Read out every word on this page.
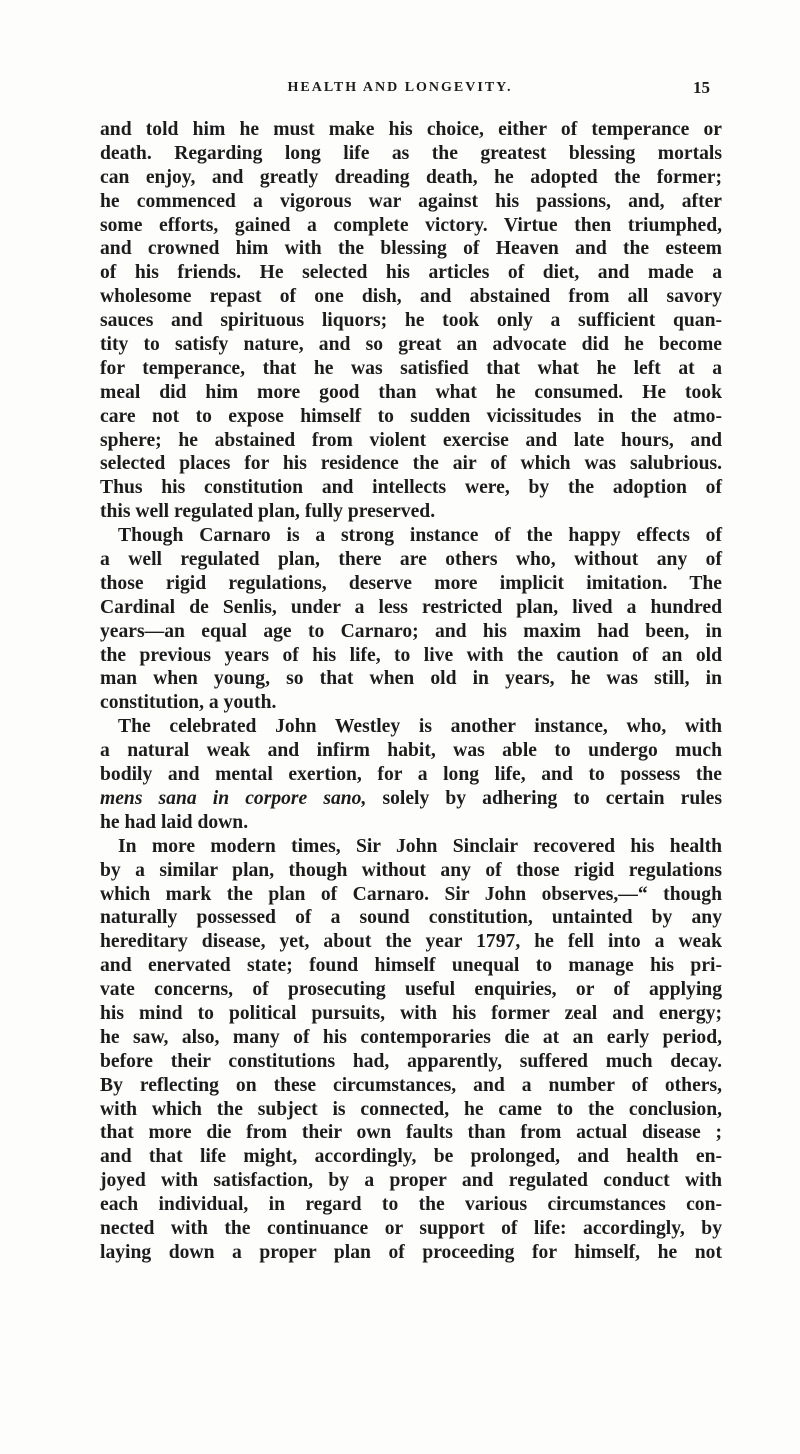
HEALTH AND LONGEVITY.	15
and told him he must make his choice, either of temperance or
death. Regarding long life as the greatest blessing mortals
can enjoy, and greatly dreading death, he adopted the former;
he commenced a vigorous war against his passions, and, after
some efforts, gained a complete victory. Virtue then triumphed,
and crowned him with the blessing of Heaven and the esteem
of his friends. He selected his articles of diet, and made a
wholesome repast of one dish, and abstained from all savory
sauces and spirituous liquors; he took only a sufficient quan-
tity to satisfy nature, and so great an advocate did he become
for temperance, that he was satisfied that what he left at a
meal did him more good than what he consumed. He took
care not to expose himself to sudden vicissitudes in the atmo-
sphere; he abstained from violent exercise and late hours, and
selected places for his residence the air of which was salubrious.
Thus his constitution and intellects were, by the adoption of
this well regulated plan, fully preserved.
Though Carnaro is a strong instance of the happy effects of
a well regulated plan, there are others who, without any of
those rigid regulations, deserve more implicit imitation. The
Cardinal de Senlis, under a less restricted plan, lived a hundred
years—an equal age to Carnaro; and his maxim had been, in
the previous years of his life, to live with the caution of an old
man when young, so that when old in years, he was still, in
constitution, a youth.
The celebrated John Westley is another instance, who, with
a natural weak and infirm habit, was able to undergo much
bodily and mental exertion, for a long life, and to possess the
mens sana in corpore sano, solely by adhering to certain rules
he had laid down.
In more modern times, Sir John Sinclair recovered his health
by a similar plan, though without any of those rigid regulations
which mark the plan of Carnaro. Sir John observes,—“ though
naturally possessed of a sound constitution, untainted by any
hereditary disease, yet, about the year 1797, he fell into a weak
and enervated state; found himself unequal to manage his pri-
vate concerns, of prosecuting useful enquiries, or of applying
his mind to political pursuits, with his former zeal and energy;
he saw, also, many of his contemporaries die at an early period,
before their constitutions had, apparently, suffered much decay.
By reflecting on these circumstances, and a number of others,
with which the subject is connected, he came to the conclusion,
that more die from their own faults than from actual disease ;
and that life might, accordingly, be prolonged, and health en-
joyed with satisfaction, by a proper and regulated conduct with
each individual, in regard to the various circumstances con-
nected with the continuance or support of life: accordingly, by
laying down a proper plan of proceeding for himself, he not
